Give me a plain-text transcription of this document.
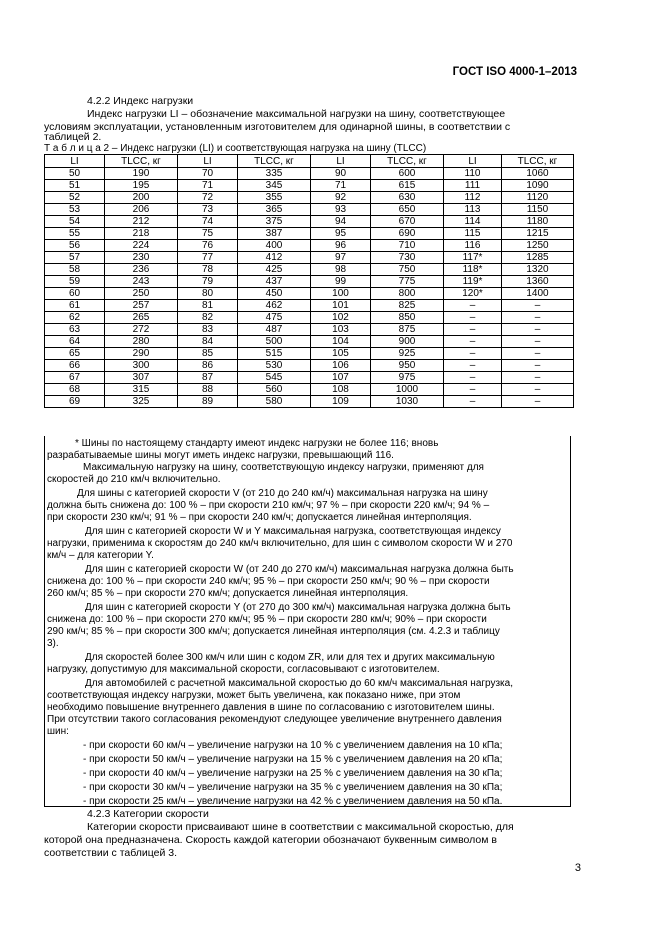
ГОСТ ISO 4000-1–2013
4.2.2 Индекс нагрузки
Индекс нагрузки LI – обозначение максимальной нагрузки на шину, соответствующее
условиям эксплуатации, установленным изготовителем для одинарной шины, в соответствии с
таблицей 2.
Т а б л и ц а 2 – Индекс нагрузки (LI) и соответствующая нагрузка на шину (TLCC)
LI	TLCC, кг	LI	TLCC, кг	LI	TLCC, кг	LI	TLCC, кг
50	190	70	335	90	600	110	1060
51	195	71	345	71	615	111	1090
52	200	72	355	92	630	112	1120
53	206	73	365	93	650	113	1150
54	212	74	375	94	670	114	1180
55	218	75	387	95	690	115	1215
56	224	76	400	96	710	116	1250
57	230	77	412	97	730	117*	1285
58	236	78	425	98	750	118*	1320
59	243	79	437	99	775	119*	1360
60	250	80	450	100	800	120*	1400
61	257	81	462	101	825	–	–
62	265	82	475	102	850	–	–
63	272	83	487	103	875	–	–
64	280	84	500	104	900	–	–
65	290	85	515	105	925	–	–
66	300	86	530	106	950	–	–
67	307	87	545	107	975	–	–
68	315	88	560	108	1000	–	–
69	325	89	580	109	1030	–	–
* Шины по настоящему стандарту имеют индекс нагрузки не более 116; вновь
разрабатываемые шины могут иметь индекс нагрузки, превышающий 116.
Максимальную нагрузку на шину, соответствующую индексу нагрузки, применяют для
скоростей до 210 км/ч включительно.
Для шины с категорией скорости V (от 210 до 240 км/ч) максимальная нагрузка на шину
должна быть снижена до: 100 % – при скорости 210 км/ч; 97 % – при скорости 220 км/ч; 94 % –
при скорости 230 км/ч; 91 % – при скорости 240 км/ч; допускается линейная интерполяция.
Для шин с категорией скорости W и Y максимальная нагрузка, соответствующая индексу
нагрузки, применима к скоростям до 240 км/ч включительно, для шин с символом скорости W и 270
км/ч – для категории Y.
Для шин с категорией скорости W (от 240 до 270 км/ч) максимальная нагрузка должна быть
снижена до: 100 % – при скорости 240 км/ч; 95 % – при скорости 250 км/ч; 90 % – при скорости
260 км/ч; 85 % – при скорости 270 км/ч; допускается линейная интерполяция.
Для шин с категорией скорости Y (от 270 до 300 км/ч) максимальная нагрузка должна быть
снижена до: 100 % – при скорости 270 км/ч; 95 % – при скорости 280 км/ч; 90% – при скорости
290 км/ч; 85 % – при скорости 300 км/ч; допускается линейная интерполяция (см. 4.2.3 и таблицу
3).
Для скоростей более 300 км/ч или шин с кодом ZR, или для тех и других максимальную
нагрузку, допустимую для максимальной скорости, согласовывают с изготовителем.
Для автомобилей с расчетной максимальной скоростью до 60 км/ч максимальная нагрузка,
соответствующая индексу нагрузки, может быть увеличена, как показано ниже, при этом
необходимо повышение внутреннего давления в шине по согласованию с изготовителем шины.
При отсутствии такого согласования рекомендуют следующее увеличение внутреннего давления
шин:
- при скорости 60 км/ч – увеличение нагрузки на 10 % с увеличением давления на 10 кПа;
- при скорости 50 км/ч – увеличение нагрузки на 15 % с увеличением давления на 20 кПа;
- при скорости 40 км/ч – увеличение нагрузки на 25 % с увеличением давления на 30 кПа;
- при скорости 30 км/ч – увеличение нагрузки на 35 % с увеличением давления на 30 кПа;
- при скорости 25 км/ч – увеличение нагрузки на 42 % с увеличением давления на 50 кПа.
4.2.3 Категории скорости
Категории скорости присваивают шине в соответствии с максимальной скоростью, для
которой она предназначена. Скорость каждой категории обозначают буквенным символом в
соответствии с таблицей 3.
3
